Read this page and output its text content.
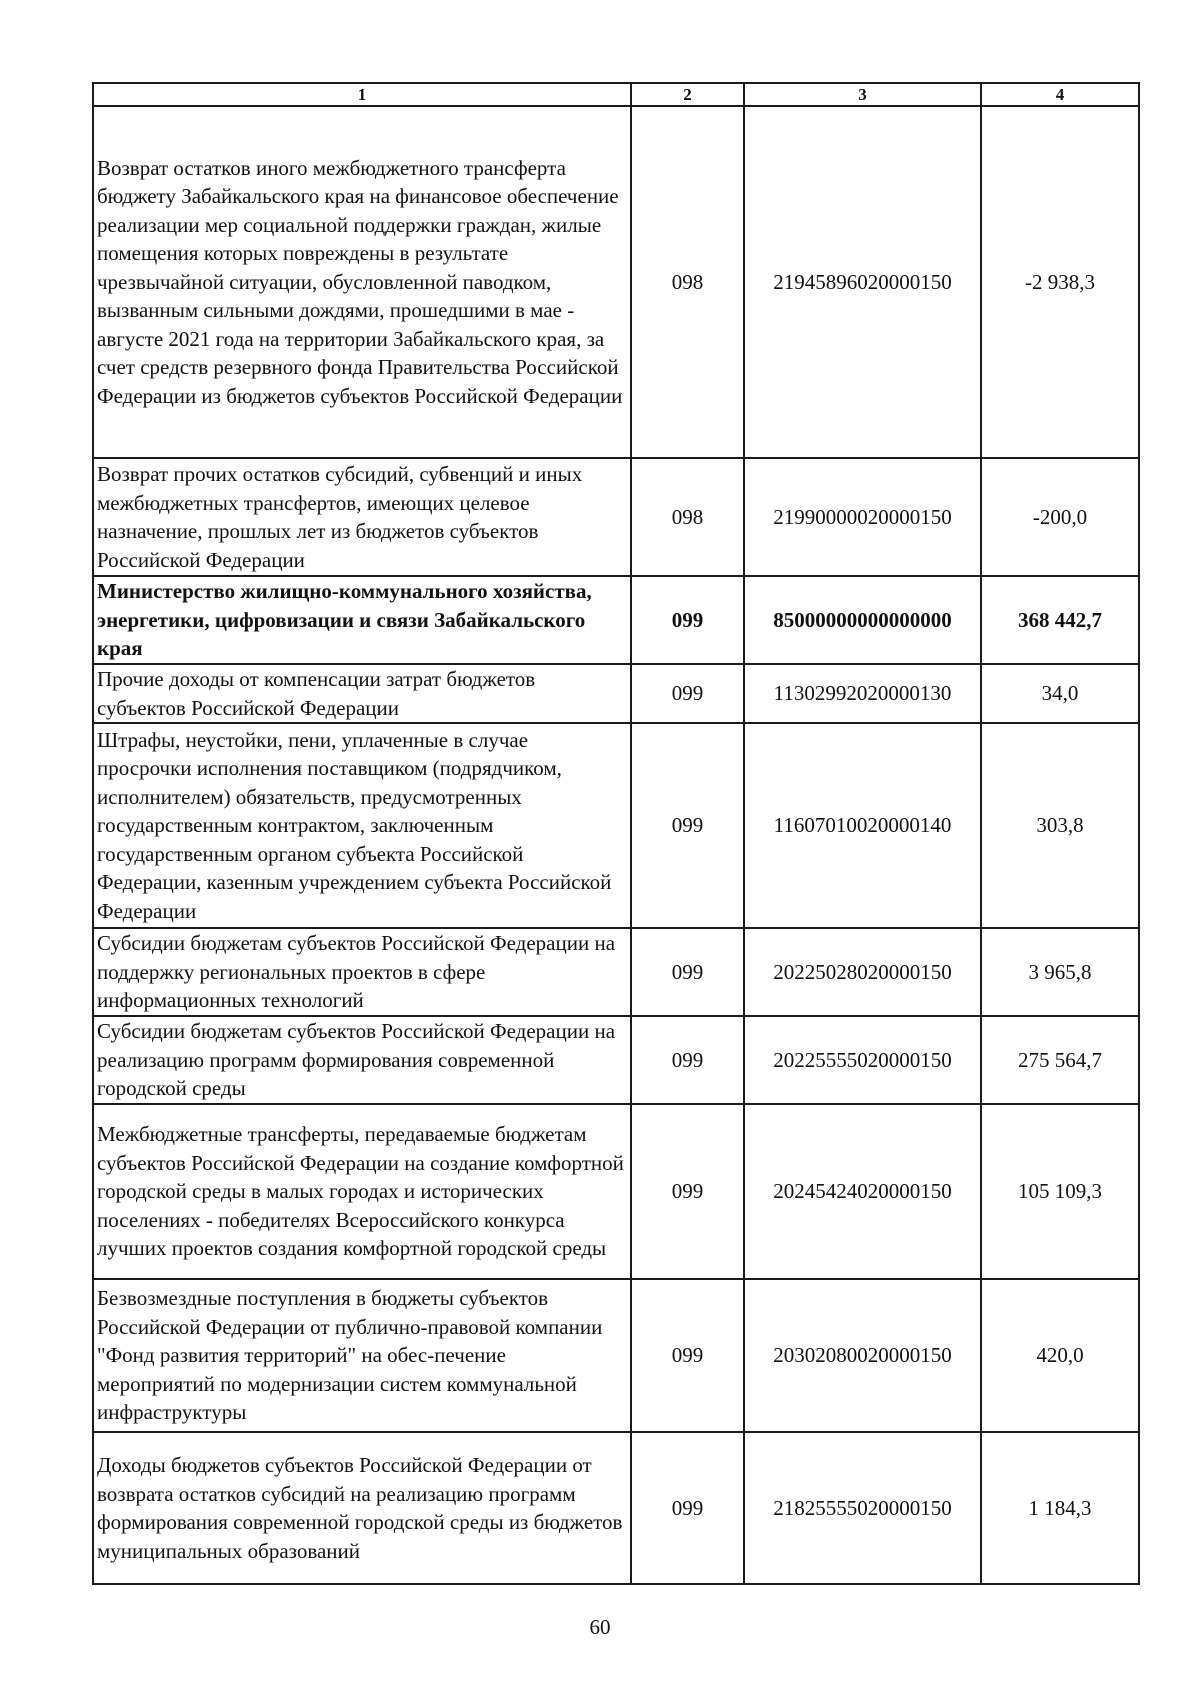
1	2	3	4
Возврат остатков иного межбюджетного трансферта бюджету Забайкальского края на финансовое обеспечение реализации мер социальной поддержки граждан, жилые помещения которых повреждены в результате чрезвычайной ситуации, обусловленной паводком, вызванным сильными дождями, прошедшими в мае - августе 2021 года на территории Забайкальского края, за счет средств резервного фонда Правительства Российской Федерации из бюджетов субъектов Российской Федерации	098	21945896020000150	-2 938,3
Возврат прочих остатков субсидий, субвенций и иных межбюджетных трансфертов, имеющих целевое назначение, прошлых лет из бюджетов субъектов Российской Федерации	098	21990000020000150	-200,0
Министерство жилищно-коммунального хозяйства, энергетики, цифровизации и связи Забайкальского края	099	85000000000000000	368 442,7
Прочие доходы от компенсации затрат бюджетов субъектов Российской Федерации	099	11302992020000130	34,0
Штрафы, неустойки, пени, уплаченные в случае просрочки исполнения поставщиком (подрядчиком, исполнителем) обязательств, предусмотренных государственным контрактом, заключенным государственным органом субъекта Российской Федерации, казенным учреждением субъекта Российской Федерации	099	11607010020000140	303,8
Субсидии бюджетам субъектов Российской Федерации на поддержку региональных проектов в сфере информационных технологий	099	20225028020000150	3 965,8
Субсидии бюджетам субъектов Российской Федерации на реализацию программ формирования современной городской среды	099	20225555020000150	275 564,7
Межбюджетные трансферты, передаваемые бюджетам субъектов Российской Федерации на создание комфортной городской среды в малых городах и исторических поселениях - победителях Всероссийского конкурса лучших проектов создания комфортной городской среды	099	20245424020000150	105 109,3
Безвозмездные поступления в бюджеты субъектов Российской Федерации от публично-правовой компании "Фонд развития территорий" на обес-печение мероприятий по модернизации систем коммунальной инфраструктуры	099	20302080020000150	420,0
Доходы бюджетов субъектов Российской Федерации от возврата остатков субсидий на реализацию программ формирования современной городской среды из бюджетов муниципальных образований	099	21825555020000150	1 184,3
60
